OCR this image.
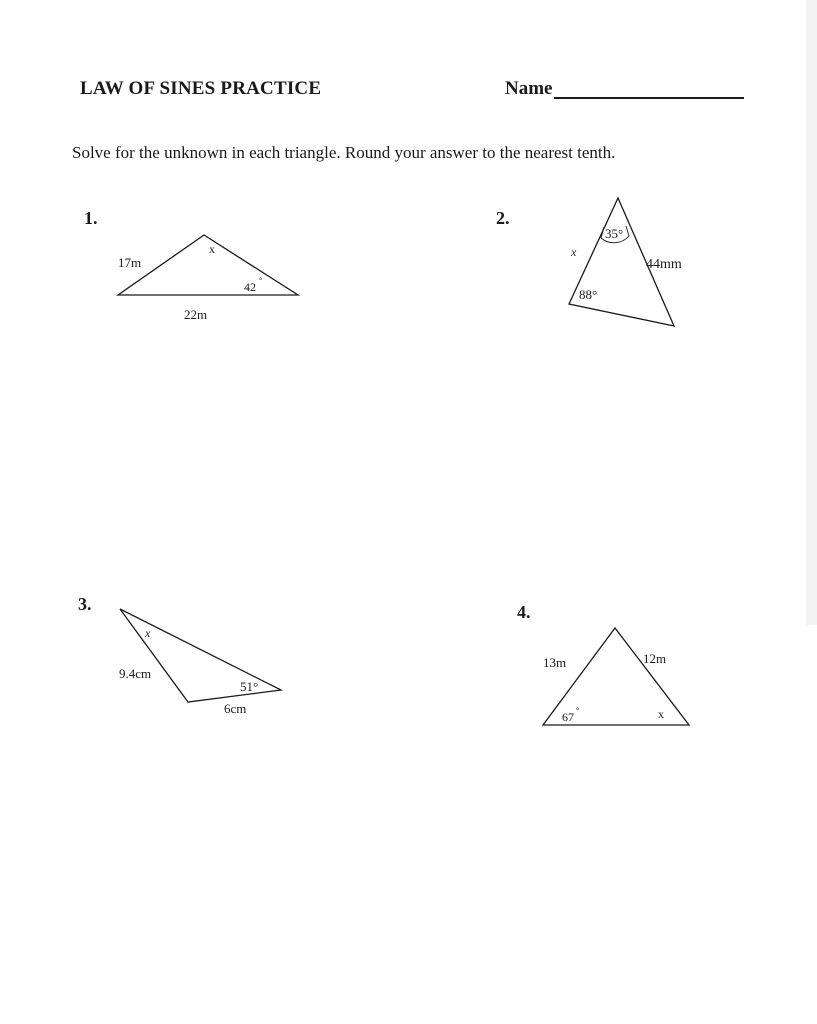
LAW OF SINES PRACTICE	Name
Solve for the unknown in each triangle. Round your answer to the nearest tenth.
1.	2.
3.	4.
17m
x
42 °
22m
35°
x
44mm
88°
x
9.4cm
51°
6cm
13m	12m
67 °	x
